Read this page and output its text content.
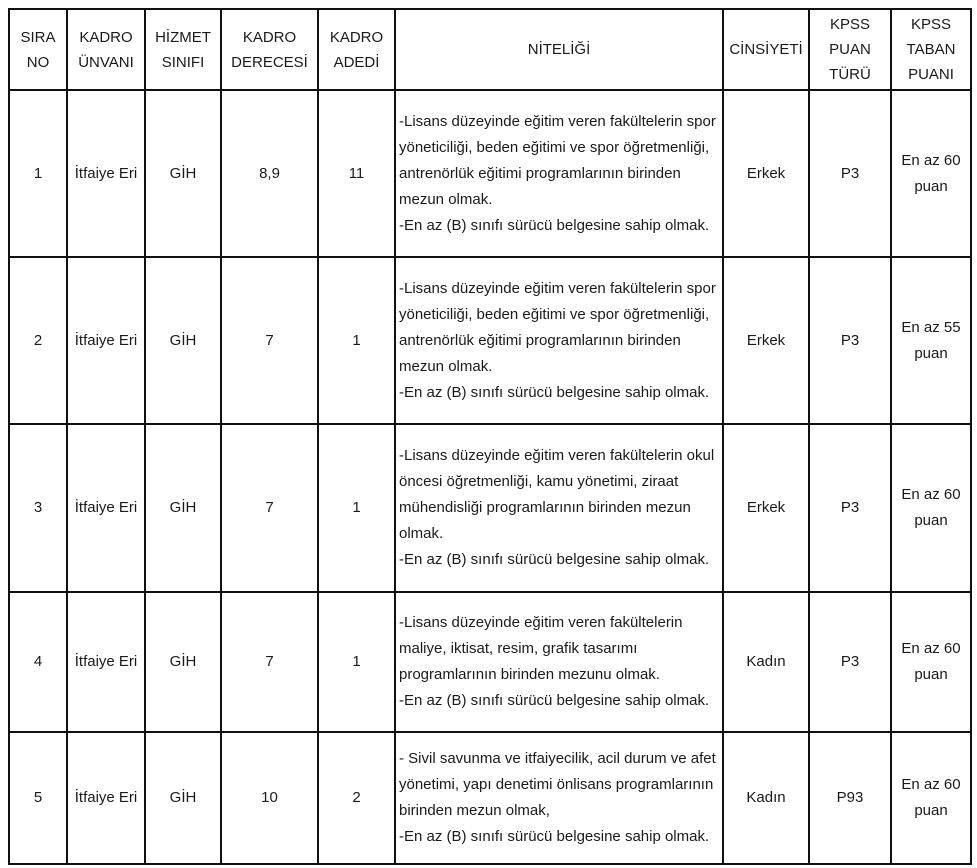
SIRA NO	KADRO ÜNVANI	HİZMET SINIFI	KADRO DERECESİ	KADRO ADEDİ	NİTELİĞİ	CİNSİYETİ	KPSS PUAN TÜRÜ	KPSS TABAN PUANI
1	İtfaiye Eri	GİH	8,9	11	-Lisans düzeyinde eğitim veren fakültelerin spor yöneticiliği, beden eğitimi ve spor öğretmenliği, antrenörlük eğitimi programlarının birinden mezun olmak.
-En az (B) sınıfı sürücü belgesine sahip olmak.	Erkek	P3	En az 60 puan
2	İtfaiye Eri	GİH	7	1	-Lisans düzeyinde eğitim veren fakültelerin spor yöneticiliği, beden eğitimi ve spor öğretmenliği, antrenörlük eğitimi programlarının birinden mezun olmak.
-En az (B) sınıfı sürücü belgesine sahip olmak.	Erkek	P3	En az 55 puan
3	İtfaiye Eri	GİH	7	1	-Lisans düzeyinde eğitim veren fakültelerin okul öncesi öğretmenliği, kamu yönetimi, ziraat mühendisliği programlarının birinden mezun olmak.
-En az (B) sınıfı sürücü belgesine sahip olmak.	Erkek	P3	En az 60 puan
4	İtfaiye Eri	GİH	7	1	-Lisans düzeyinde eğitim veren fakültelerin maliye, iktisat, resim, grafik tasarımı programlarının birinden mezunu olmak.
-En az (B) sınıfı sürücü belgesine sahip olmak.	Kadın	P3	En az 60 puan
5	İtfaiye Eri	GİH	10	2	- Sivil savunma ve itfaiyecilik, acil durum ve afet yönetimi, yapı denetimi önlisans programlarının birinden mezun olmak,
-En az (B) sınıfı sürücü belgesine sahip olmak.	Kadın	P93	En az 60 puan
